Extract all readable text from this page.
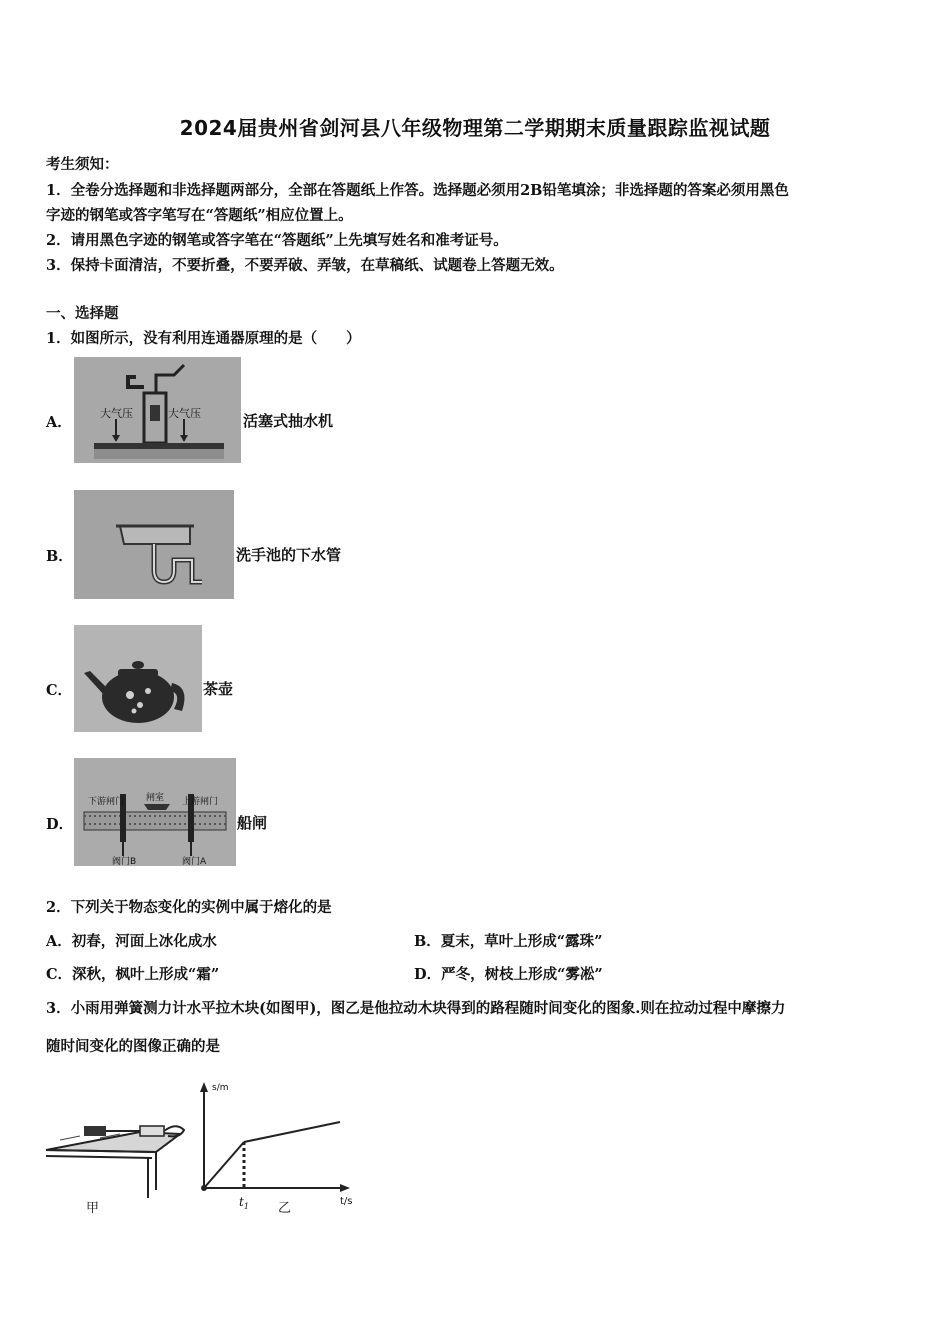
2024届贵州省剑河县八年级物理第二学期期末质量跟踪监视试题
考生须知：
1．全卷分选择题和非选择题两部分，全部在答题纸上作答。选择题必须用2B铅笔填涂；非选择题的答案必须用黑色
字迹的钢笔或答字笔写在“答题纸”相应位置上。
2．请用黑色字迹的钢笔或答字笔在“答题纸”上先填写姓名和准考证号。
3．保持卡面清洁，不要折叠，不要弄破、弄皱，在草稿纸、试题卷上答题无效。
一、选择题
1．如图所示，没有利用连通器原理的是（　　）
A．
大气压	大气压	活塞式抽水机
B．	洗手池的下水管
C．	茶壶
D．
下游闸门 闸室 上游闸门
阀门B	阀门A
船闸
2．下列关于物态变化的实例中属于熔化的是
A．初春，河面上冰化成水	B．夏末，草叶上形成“露珠”
C．深秋，枫叶上形成“霜”	D．严冬，树枝上形成“雾凇”
3．小雨用弹簧测力计水平拉木块(如图甲)，图乙是他拉动木块得到的路程随时间变化的图象.则在拉动过程中摩擦力
随时间变化的图像正确的是
甲
s/m
t/s
$t_1$ 乙
